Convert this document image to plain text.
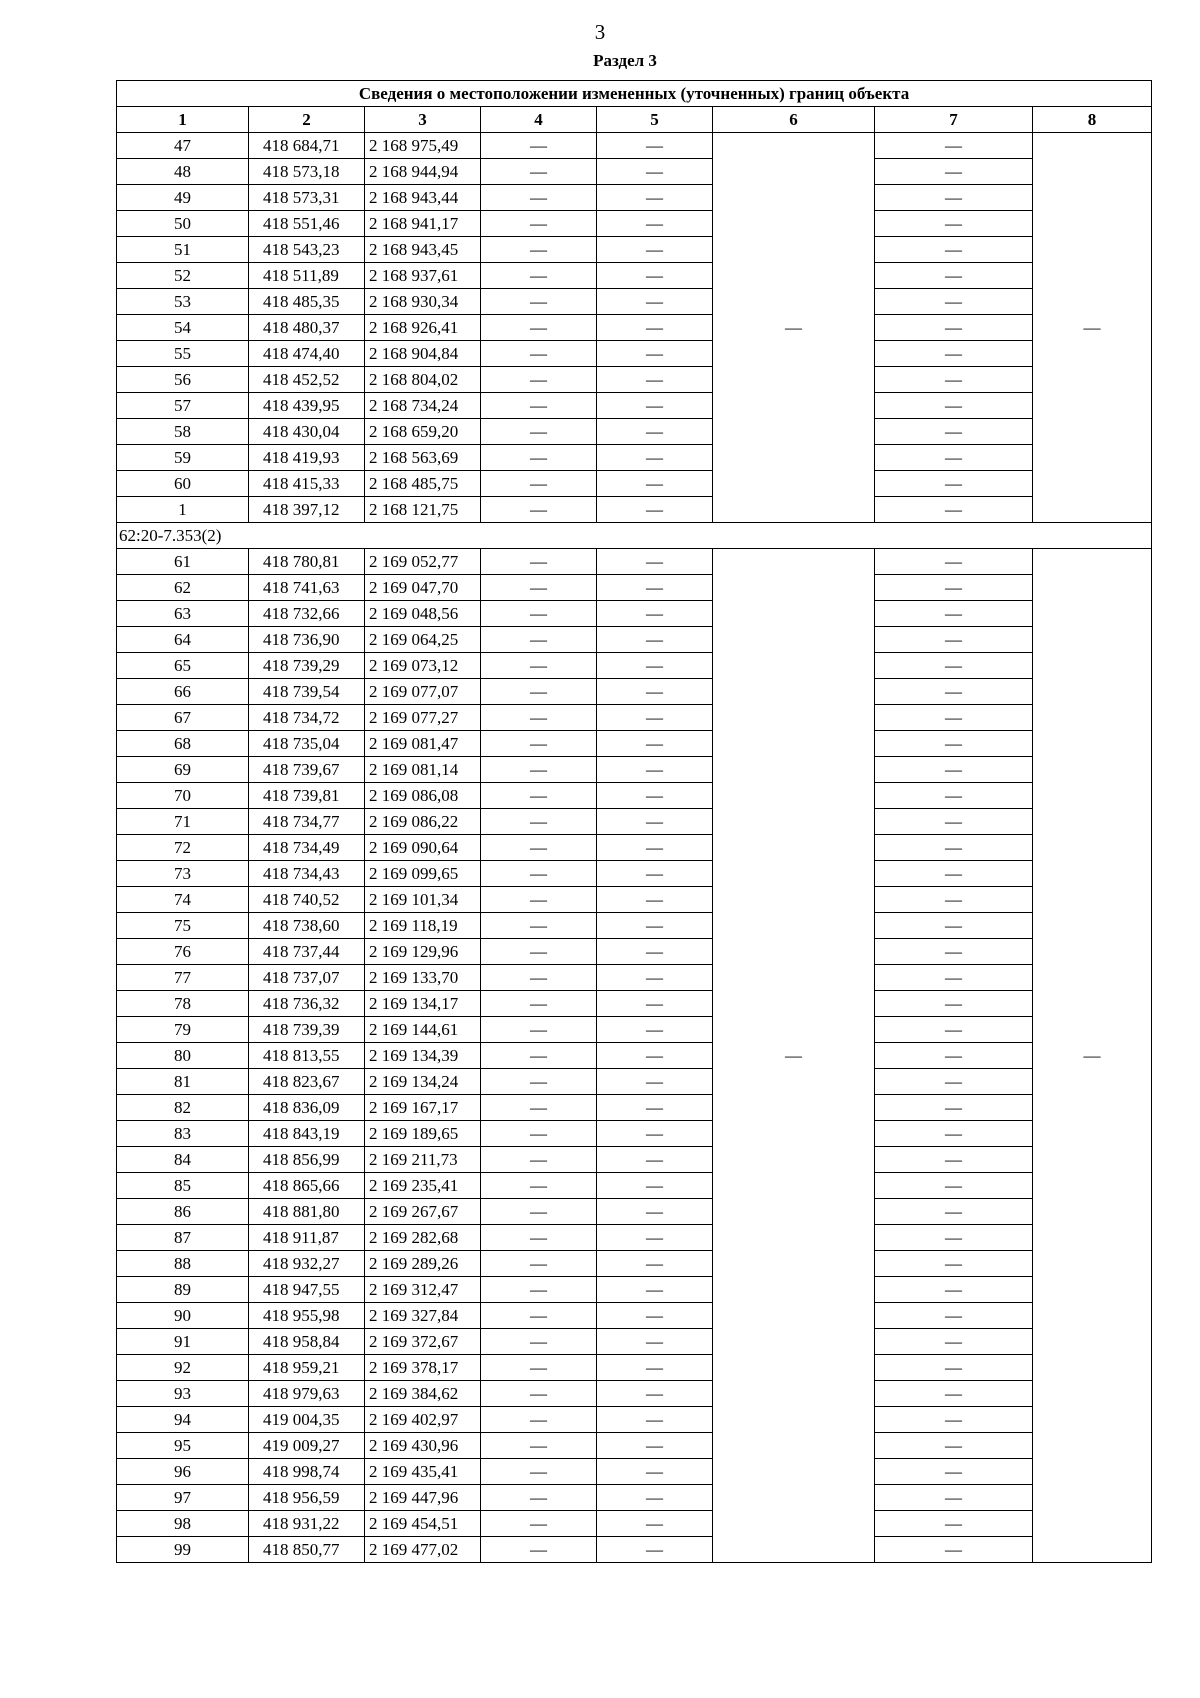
3
Раздел 3
Сведения о местоположении измененных (уточненных) границ объекта							
1	2	3	4	5	6	7	8
47	418 684,71	2 168 975,49	—	—	—	—	—
48	418 573,18	2 168 944,94	—	—		—	
49	418 573,31	2 168 943,44	—	—		—	
50	418 551,46	2 168 941,17	—	—		—	
51	418 543,23	2 168 943,45	—	—		—	
52	418 511,89	2 168 937,61	—	—		—	
53	418 485,35	2 168 930,34	—	—		—	
54	418 480,37	2 168 926,41	—	—		—	
55	418 474,40	2 168 904,84	—	—		—	
56	418 452,52	2 168 804,02	—	—		—	
57	418 439,95	2 168 734,24	—	—		—	
58	418 430,04	2 168 659,20	—	—		—	
59	418 419,93	2 168 563,69	—	—		—	
60	418 415,33	2 168 485,75	—	—		—	
1	418 397,12	2 168 121,75	—	—		—	
62:20-7.353(2)							
61	418 780,81	2 169 052,77	—	—	—	—	—
62	418 741,63	2 169 047,70	—	—		—	
63	418 732,66	2 169 048,56	—	—		—	
64	418 736,90	2 169 064,25	—	—		—	
65	418 739,29	2 169 073,12	—	—		—	
66	418 739,54	2 169 077,07	—	—		—	
67	418 734,72	2 169 077,27	—	—		—	
68	418 735,04	2 169 081,47	—	—		—	
69	418 739,67	2 169 081,14	—	—		—	
70	418 739,81	2 169 086,08	—	—		—	
71	418 734,77	2 169 086,22	—	—		—	
72	418 734,49	2 169 090,64	—	—		—	
73	418 734,43	2 169 099,65	—	—		—	
74	418 740,52	2 169 101,34	—	—		—	
75	418 738,60	2 169 118,19	—	—		—	
76	418 737,44	2 169 129,96	—	—		—	
77	418 737,07	2 169 133,70	—	—		—	
78	418 736,32	2 169 134,17	—	—		—	
79	418 739,39	2 169 144,61	—	—		—	
80	418 813,55	2 169 134,39	—	—		—	
81	418 823,67	2 169 134,24	—	—		—	
82	418 836,09	2 169 167,17	—	—		—	
83	418 843,19	2 169 189,65	—	—		—	
84	418 856,99	2 169 211,73	—	—		—	
85	418 865,66	2 169 235,41	—	—		—	
86	418 881,80	2 169 267,67	—	—		—	
87	418 911,87	2 169 282,68	—	—		—	
88	418 932,27	2 169 289,26	—	—		—	
89	418 947,55	2 169 312,47	—	—		—	
90	418 955,98	2 169 327,84	—	—		—	
91	418 958,84	2 169 372,67	—	—		—	
92	418 959,21	2 169 378,17	—	—		—	
93	418 979,63	2 169 384,62	—	—		—	
94	419 004,35	2 169 402,97	—	—		—	
95	419 009,27	2 169 430,96	—	—		—	
96	418 998,74	2 169 435,41	—	—		—	
97	418 956,59	2 169 447,96	—	—		—	
98	418 931,22	2 169 454,51	—	—		—	
99	418 850,77	2 169 477,02	—	—		—	
